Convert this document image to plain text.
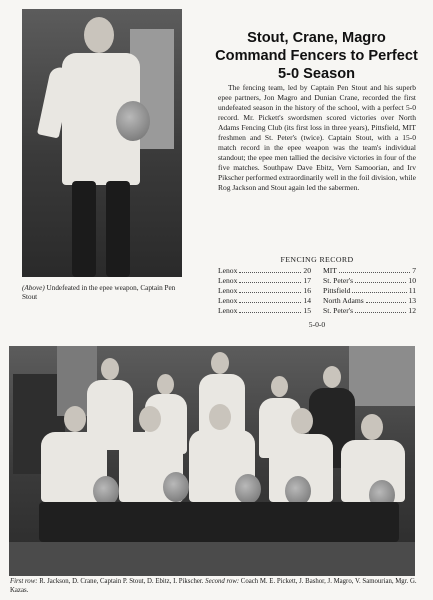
(Above) Undefeated in the epee weapon, Captain Pen Stout
Stout, Crane, Magro Command Fencers to Perfect 5-0 Season
The fencing team, led by Captain Pen Stout and his superb epee partners, Jon Magro and Dunian Crane, recorded the first undefeated season in the history of the school, with a perfect 5-0 record. Mr. Pickett's swordsmen scored victories over North Adams Fencing Club (its first loss in three years), Pittsfield, MIT freshmen and St. Peter's (twice). Captain Stout, with a 15-0 match record in the epee weapon was the team's individual standout; the epee men tallied the decisive victories in four of the five matches. Southpaw Dave Ebitz, Vern Samoorian, and Irv Pikscher performed extraordinarily well in the foil division, while Rog Jackson and Stout again led the sabermen.
FENCING RECORD
Lenox	20 MIT	7
Lenox	17 St. Peter's	10
Lenox	16 Pittsfield	11
Lenox	14 North Adams	13
Lenox	15 St. Peter's	12
5-0-0
First row: R. Jackson, D. Crane, Captain P. Stout, D. Ebitz, I. Pikscher. Second row: Coach M. E. Pickett, J. Bashor, J. Magro, V. Samourian, Mgr. G. Kazas.
